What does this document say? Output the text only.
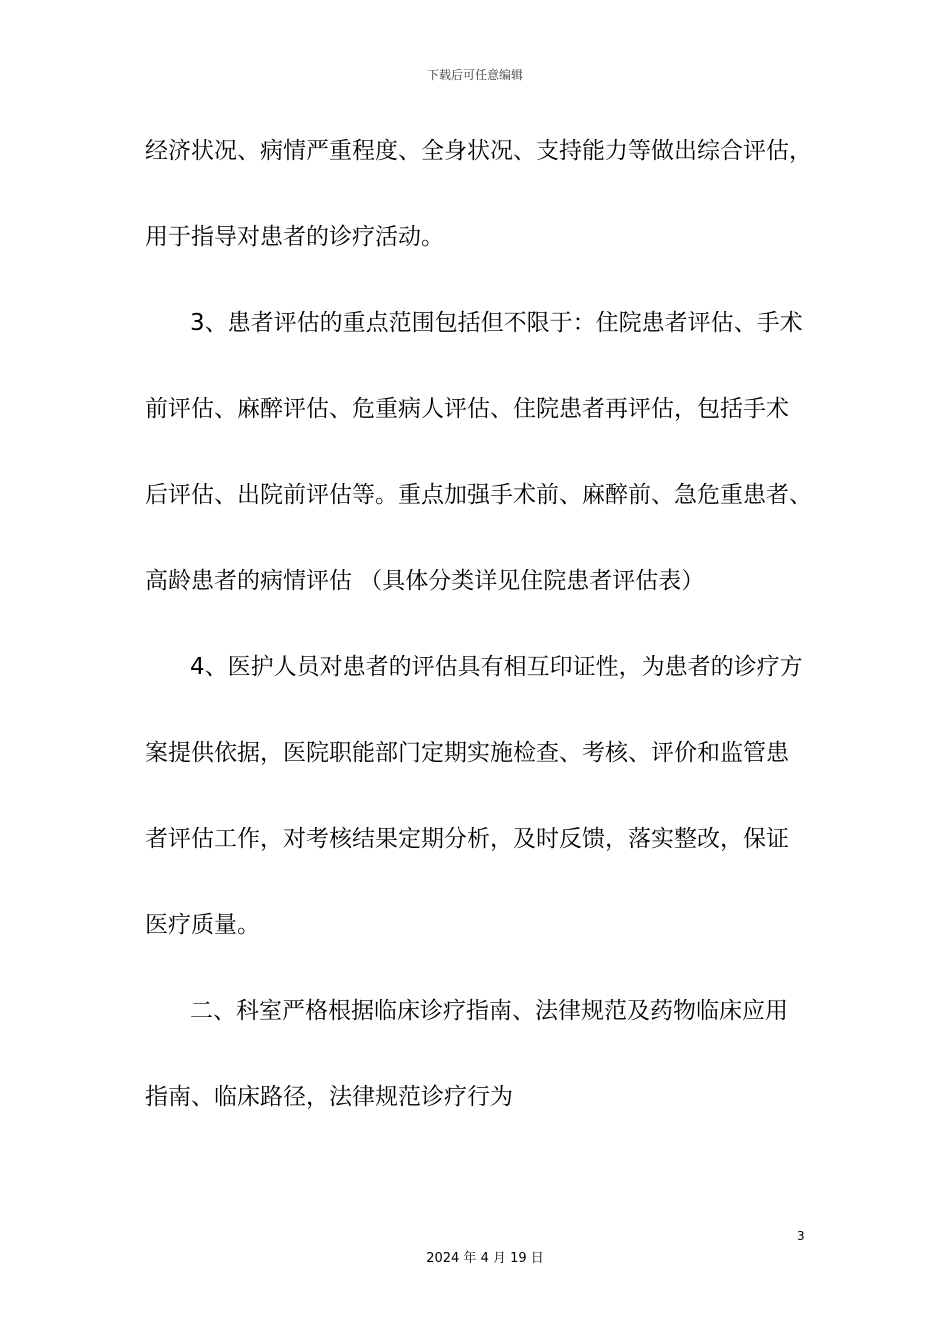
下载后可任意编辑
经济状况、病情严重程度、全身状况、支持能力等做出综合评估，
用于指导对患者的诊疗活动。
3、患者评估的重点范围包括但不限于：住院患者评估、手术
前评估、麻醉评估、危重病人评估、住院患者再评估，包括手术
后评估、出院前评估等。重点加强手术前、麻醉前、急危重患者、
高龄患者的病情评估 （具体分类详见住院患者评估表）
4、医护人员对患者的评估具有相互印证性，为患者的诊疗方
案提供依据，医院职能部门定期实施检查、考核、评价和监管患
者评估工作，对考核结果定期分析，及时反馈，落实整改，保证
医疗质量。
二、科室严格根据临床诊疗指南、法律规范及药物临床应用
指南、临床路径，法律规范诊疗行为
3
2024 年 4 月 19 日
